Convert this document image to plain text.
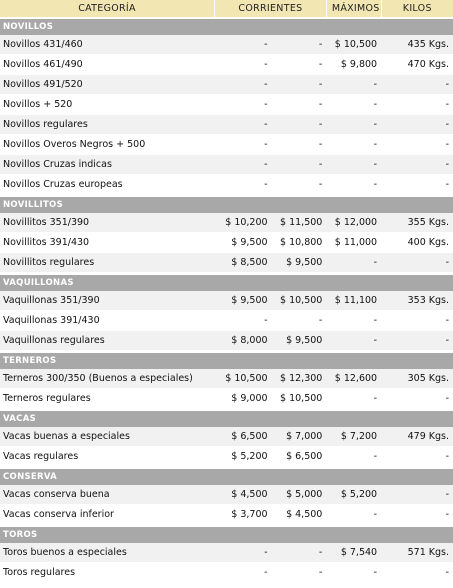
CATEGORÍA	CORRIENTES		MÁXIMOS	KILOS

NOVILLOS				
Novillos 431/460	-	-	$ 10,500	435 Kgs.
Novillos 461/490	-	-	$ 9,800	470 Kgs.
Novillos 491/520	-	-	-	-
Novillos + 520	-	-	-	-
Novillos regulares	-	-	-	-
Novillos Overos Negros + 500	-	-	-	-
Novillos Cruzas indicas	-	-	-	-
Novillos Cruzas europeas	-	-	-	-

NOVILLITOS				
Novillitos 351/390	$ 10,200	$ 11,500	$ 12,000	355 Kgs.
Novillitos 391/430	$ 9,500	$ 10,800	$ 11,000	400 Kgs.
Novillitos regulares	$ 8,500	$ 9,500	-	-

VAQUILLONAS				
Vaquillonas 351/390	$ 9,500	$ 10,500	$ 11,100	353 Kgs.
Vaquillonas 391/430	-	-	-	-
Vaquillonas regulares	$ 8,000	$ 9,500	-	-

TERNEROS				
Terneros 300/350 (Buenos a especiales)	$ 10,500	$ 12,300	$ 12,600	305 Kgs.
Terneros regulares	$ 9,000	$ 10,500	-	-

VACAS				
Vacas buenas a especiales	$ 6,500	$ 7,000	$ 7,200	479 Kgs.
Vacas regulares	$ 5,200	$ 6,500	-	-

CONSERVA				
Vacas conserva buena	$ 4,500	$ 5,000	$ 5,200	-
Vacas conserva inferior	$ 3,700	$ 4,500	-	-

TOROS				
Toros buenos a especiales	-	-	$ 7,540	571 Kgs.
Toros regulares	-	-	-	-
